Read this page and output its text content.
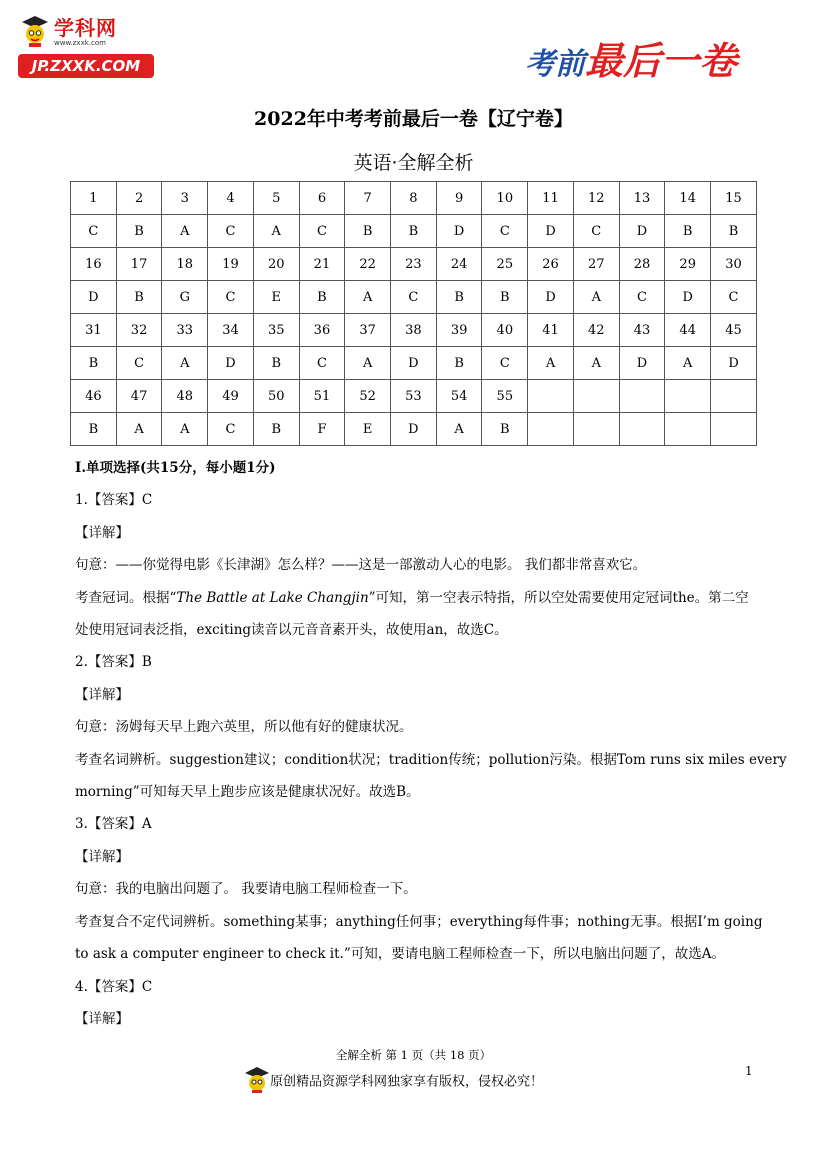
学科网
www.zxxk.com
JP.ZXXK.COM	考前最后一卷
2022年中考考前最后一卷【辽宁卷】
英语·全解全析
1	2	3	4	5	6	7	8	9	10	11	12	13	14	15
C	B	A	C	A	C	B	B	D	C	D	C	D	B	B
16	17	18	19	20	21	22	23	24	25	26	27	28	29	30
D	B	G	C	E	B	A	C	B	B	D	A	C	D	C
31	32	33	34	35	36	37	38	39	40	41	42	43	44	45
B	C	A	D	B	C	A	D	B	C	A	A	D	A	D
46	47	48	49	50	51	52	53	54	55					
B	A	A	C	B	F	E	D	A	B					
I.单项选择(共15分，每小题1分)
1.【答案】C
【详解】
句意：——你觉得电影《长津湖》怎么样？——这是一部激动人心的电影。 我们都非常喜欢它。
考查冠词。根据“The Battle at Lake Changjin”可知，第一空表示特指，所以空处需要使用定冠词the。第二空
处使用冠词表泛指，exciting读音以元音音素开头，故使用an，故选C。
2.【答案】B
【详解】
句意：汤姆每天早上跑六英里，所以他有好的健康状况。
考查名词辨析。suggestion建议；condition状况；tradition传统；pollution污染。根据Tom runs six miles every
morning”可知每天早上跑步应该是健康状况好。故选B。
3.【答案】A
【详解】
句意：我的电脑出问题了。 我要请电脑工程师检查一下。
考查复合不定代词辨析。something某事；anything任何事；everything每件事；nothing无事。根据I’m going
to ask a computer engineer to check it.”可知，要请电脑工程师检查一下，所以电脑出问题了，故选A。
4.【答案】C
【详解】
全解全析 第 1 页（共 18 页）
原创精品资源学科网独家享有版权，侵权必究！
1
